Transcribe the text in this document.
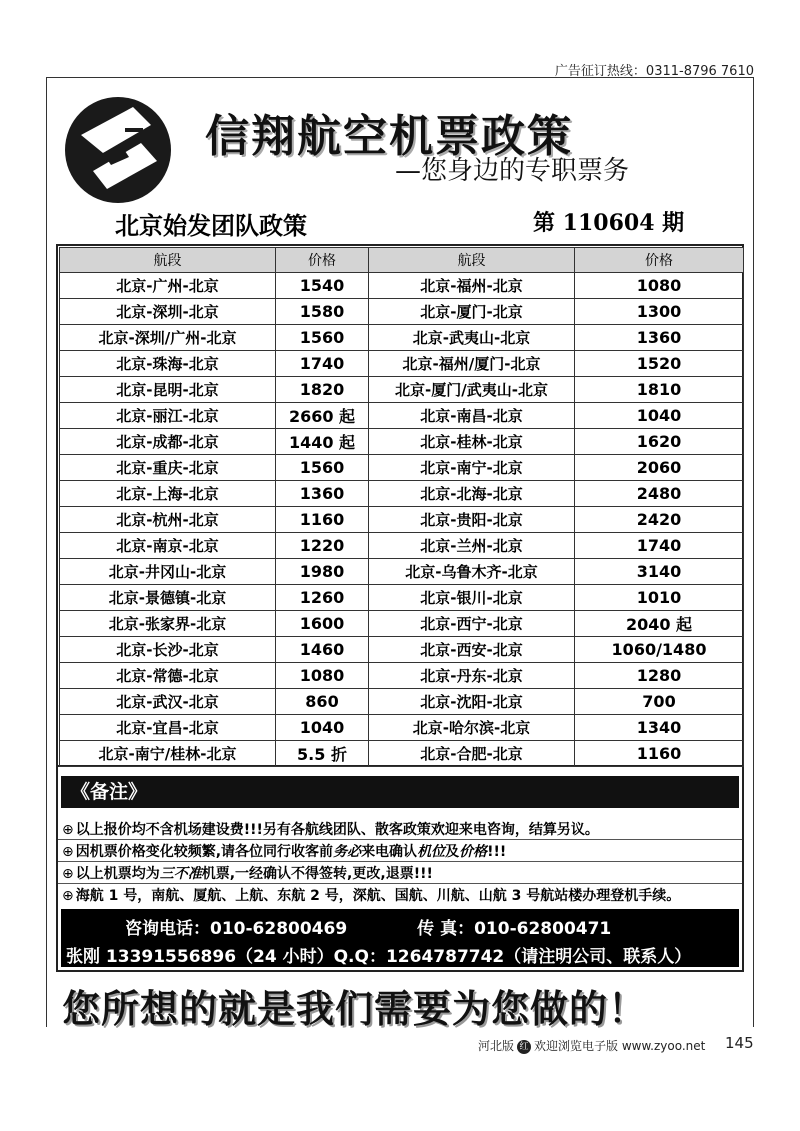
广告征订热线：0311-8796 7610
信翔航空机票政策
—您身边的专职票务
北京始发团队政策	第 110604 期
航段	价格	航段	价格
北京-广州-北京	1540	北京-福州-北京	1080
北京-深圳-北京	1580	北京-厦门-北京	1300
北京-深圳/广州-北京	1560	北京-武夷山-北京	1360
北京-珠海-北京	1740	北京-福州/厦门-北京	1520
北京-昆明-北京	1820	北京-厦门/武夷山-北京	1810
北京-丽江-北京	2660 起	北京-南昌-北京	1040
北京-成都-北京	1440 起	北京-桂林-北京	1620
北京-重庆-北京	1560	北京-南宁-北京	2060
北京-上海-北京	1360	北京-北海-北京	2480
北京-杭州-北京	1160	北京-贵阳-北京	2420
北京-南京-北京	1220	北京-兰州-北京	1740
北京-井冈山-北京	1980	北京-乌鲁木齐-北京	3140
北京-景德镇-北京	1260	北京-银川-北京	1010
北京-张家界-北京	1600	北京-西宁-北京	2040 起
北京-长沙-北京	1460	北京-西安-北京	1060/1480
北京-常德-北京	1080	北京-丹东-北京	1280
北京-武汉-北京	860	北京-沈阳-北京	700
北京-宜昌-北京	1040	北京-哈尔滨-北京	1340
北京-南宁/桂林-北京	5.5 折	北京-合肥-北京	1160
《备注》
⊕ 以上报价均不含机场建设费!!!另有各航线团队、散客政策欢迎来电咨询，结算另议。
⊕ 因机票价格变化较频繁,请各位同行收客前务必来电确认机位及价格!!!
⊕ 以上机票均为三不准机票,一经确认不得签转,更改,退票!!!
⊕ 海航 1 号，南航、厦航、上航、东航 2 号，深航、国航、川航、山航 3 号航站楼办理登机手续。
咨询电话：010-62800469	传 真：010-62800471
张刚 13391556896（24 小时）Q.Q：1264787742（请注明公司、联系人）
您所想的就是我们需要为您做的！
河北版 红 欢迎浏览电子版 www.zyoo.net 145
